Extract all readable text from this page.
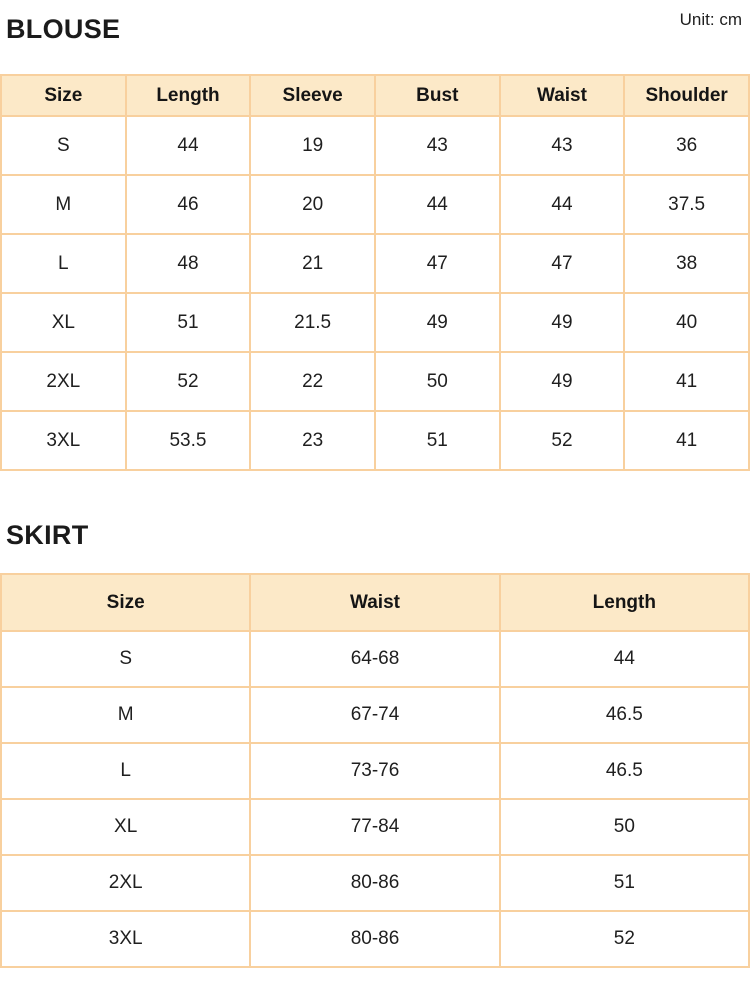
BLOUSE	Unit: cm
Size	Length	Sleeve	Bust	Waist	Shoulder
S	44	19	43	43	36
M	46	20	44	44	37.5
L	48	21	47	47	38
XL	51	21.5	49	49	40
2XL	52	22	50	49	41
3XL	53.5	23	51	52	41
SKIRT
Size	Waist	Length
S	64-68	44
M	67-74	46.5
L	73-76	46.5
XL	77-84	50
2XL	80-86	51
3XL	80-86	52
